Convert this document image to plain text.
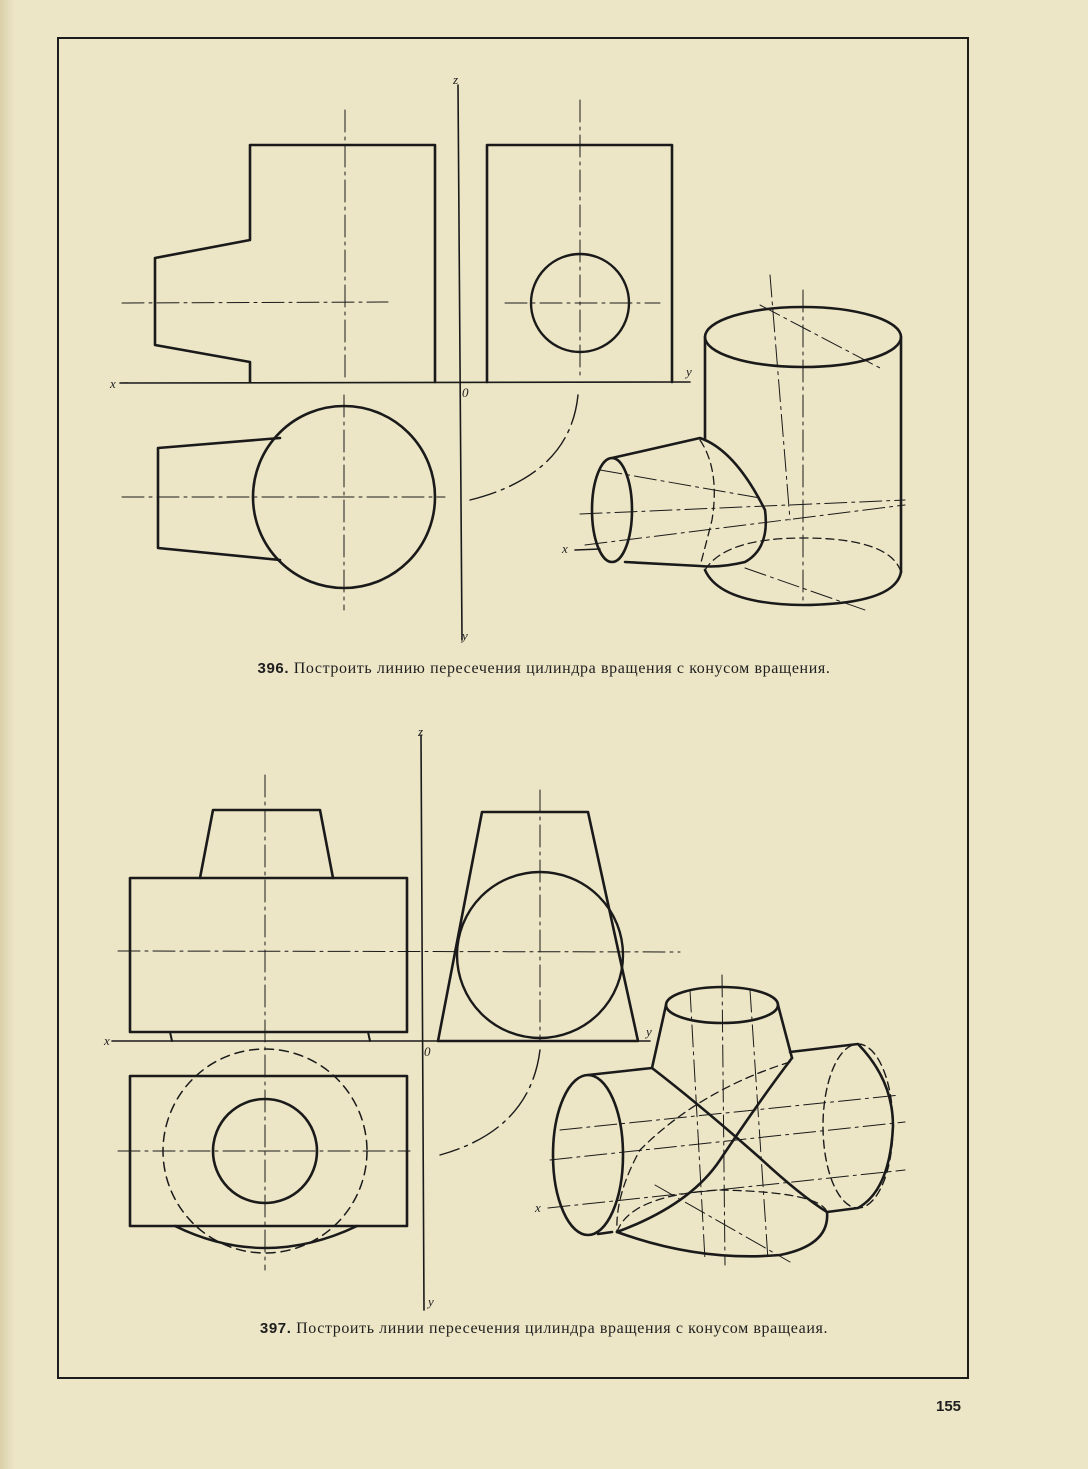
z
x
y
0
y
x
z
x
y
0
y
x
396. Построить линию пересечения цилиндра вращения с конусом вращения.
397. Построить линии пересечения цилиндра вращения с конусом вращеаия.
155
